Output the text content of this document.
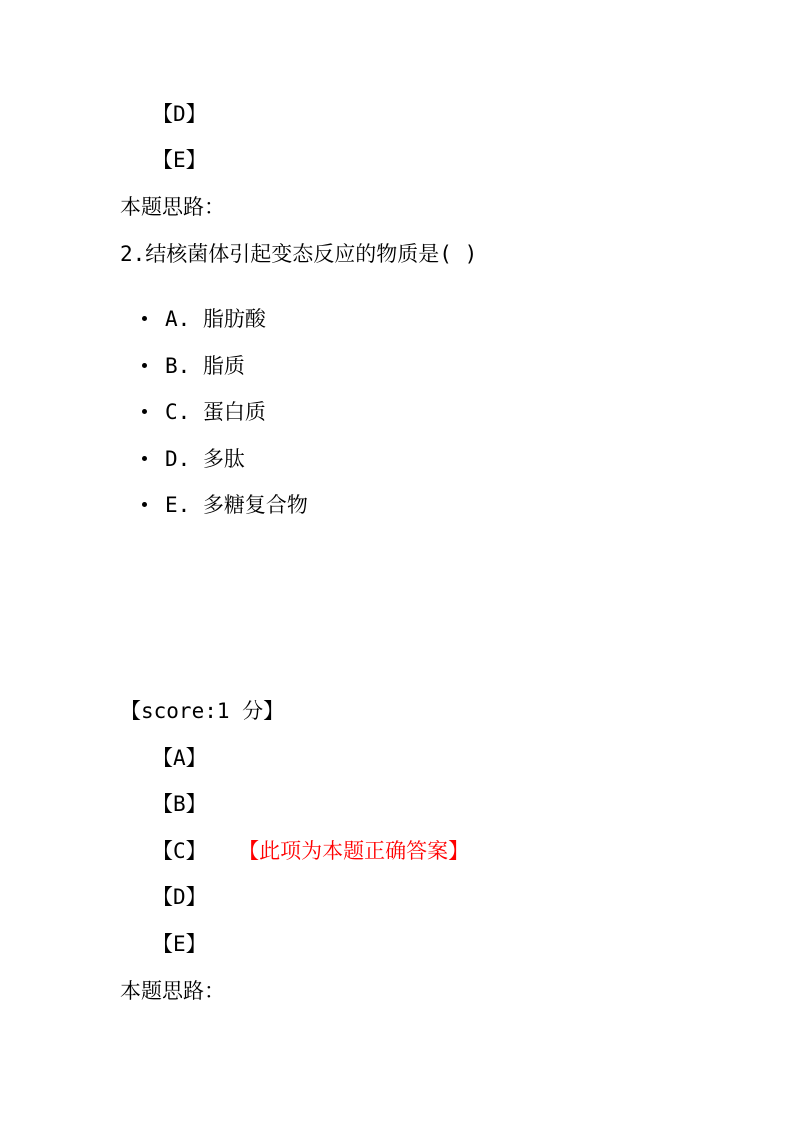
【D】
【E】
本题思路：
2.结核菌体引起变态反应的物质是( )
A. 脂肪酸
B. 脂质
C. 蛋白质
D. 多肽
E. 多糖复合物
【score:1 分】
【A】
【B】
【C】 【此项为本题正确答案】
【D】
【E】
本题思路：
